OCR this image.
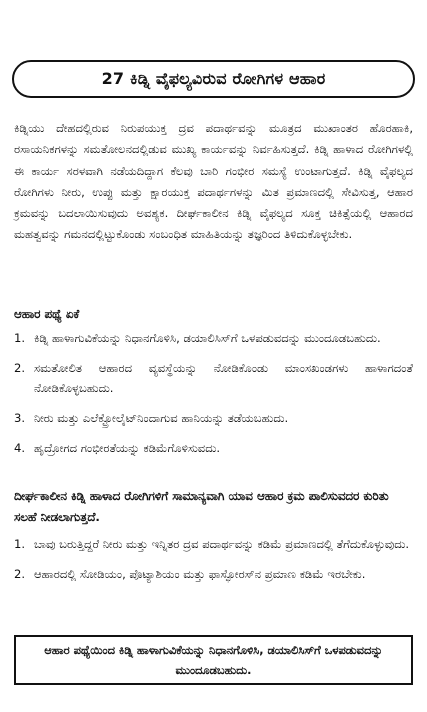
27 ಕಿಡ್ನಿ ವೈಫಲ್ಯವಿರುವ ರೋಗಿಗಳ ಆಹಾರ

ಕಿಡ್ನಿಯು ದೇಹದಲ್ಲಿರುವ ನಿರುಪಯುಕ್ತ ದ್ರವ ಪದಾರ್ಥವನ್ನು ಮೂತ್ರದ ಮುಖಾಂತರ ಹೊರಹಾಕಿ, ರಸಾಯನಿಕಗಳನ್ನು ಸಮತೋಲನದಲ್ಲಿಡುವ ಮುಖ್ಯ ಕಾರ್ಯವನ್ನು ನಿರ್ವಹಿಸುತ್ತದೆ. ಕಿಡ್ನಿ ಹಾಳಾದ ರೋಗಿಗಳಲ್ಲಿ ಈ ಕಾರ್ಯ ಸರಳವಾಗಿ ನಡೆಯದಿದ್ದಾಗ ಕೆಲವು ಬಾರಿ ಗಂಭೀರ ಸಮಸ್ಯೆ ಉಂಟಾಗುತ್ತದೆ. ಕಿಡ್ನಿ ವೈಫಲ್ಯದ ರೋಗಿಗಳು ನೀರು, ಉಪ್ಪು ಮತ್ತು ಕ್ಷಾರಯುಕ್ತ ಪದಾರ್ಥಗಳನ್ನು ಮಿತ ಪ್ರಮಾಣದಲ್ಲಿ ಸೇವಿಸುತ್ತ, ಆಹಾರ ಕ್ರಮವನ್ನು ಬದಲಾಯಿಸುವುದು ಅವಶ್ಯಕ. ದೀರ್ಘಕಾಲೀನ ಕಿಡ್ನಿ ವೈಫಲ್ಯದ ಸೂಕ್ತ ಚಿಕಿತ್ಸೆಯಲ್ಲಿ ಆಹಾರದ ಮಹತ್ವವನ್ನು ಗಮನದಲ್ಲಿಟ್ಟುಕೊಂಡು ಸಂಬಂಧಿತ ಮಾಹಿತಿಯನ್ನು ತಜ್ಞರಿಂದ ತಿಳಿದುಕೊಳ್ಳಬೇಕು.

ಆಹಾರ ಪಥ್ಯೆ ಏಕೆ

1. ಕಿಡ್ನಿ ಹಾಳಾಗುವಿಕೆಯನ್ನು ನಿಧಾನಗೊಳಿಸಿ, ಡಯಾಲಿಸಿಸ್‌ಗೆ ಒಳಪಡುವದನ್ನು ಮುಂದೂಡಬಹುದು.
2. ಸಮತೋಲಿತ ಆಹಾರದ ವ್ಯವಸ್ಥೆಯನ್ನು ನೋಡಿಕೊಂಡು ಮಾಂಸಖಂಡಗಳು ಹಾಳಾಗದಂತೆ ನೋಡಿಕೊಳ್ಳಬಹುದು.
3. ನೀರು ಮತ್ತು ಎಲೆಕ್ಟ್ರೋಲೈಟ್‌ನಿಂದಾಗುವ ಹಾನಿಯನ್ನು ತಡೆಯಬಹುದು.
4. ಹೃದ್ರೋಗದ ಗಂಭೀರತೆಯನ್ನು ಕಡಿಮೆಗೊಳಿಸುವದು.

ದೀರ್ಘಕಾಲೀನ ಕಿಡ್ನಿ ಹಾಳಾದ ರೋಗಿಗಳಿಗೆ ಸಾಮಾನ್ಯವಾಗಿ ಯಾವ ಆಹಾರ ಕ್ರಮ ಪಾಲಿಸುವದರ ಕುರಿತು ಸಲಹೆ ನೀಡಲಾಗುತ್ತದೆ.

1. ಬಾವು ಬರುತ್ತಿದ್ದರೆ ನೀರು ಮತ್ತು ಇನ್ನಿತರ ದ್ರವ ಪದಾರ್ಥವನ್ನು ಕಡಿಮೆ ಪ್ರಮಾಣದಲ್ಲಿ ತೆಗೆದುಕೊಳ್ಳುವುದು.
2. ಆಹಾರದಲ್ಲಿ ಸೋಡಿಯಂ, ಪೊಟ್ಯಾಶಿಯಂ ಮತ್ತು ಫಾಸ್ಫೋರಸ್‌ನ ಪ್ರಮಾಣ ಕಡಿಮೆ ಇರಬೇಕು.
ಆಹಾರ ಪಥ್ಯೆಯಿಂದ ಕಿಡ್ನಿ ಹಾಳಾಗುವಿಕೆಯನ್ನು ನಿಧಾನಗೊಳಿಸಿ, ಡಯಾಲಿಸಿಸ್‌ಗೆ ಒಳಪಡುವದನ್ನು ಮುಂದೂಡಬಹುದು.
